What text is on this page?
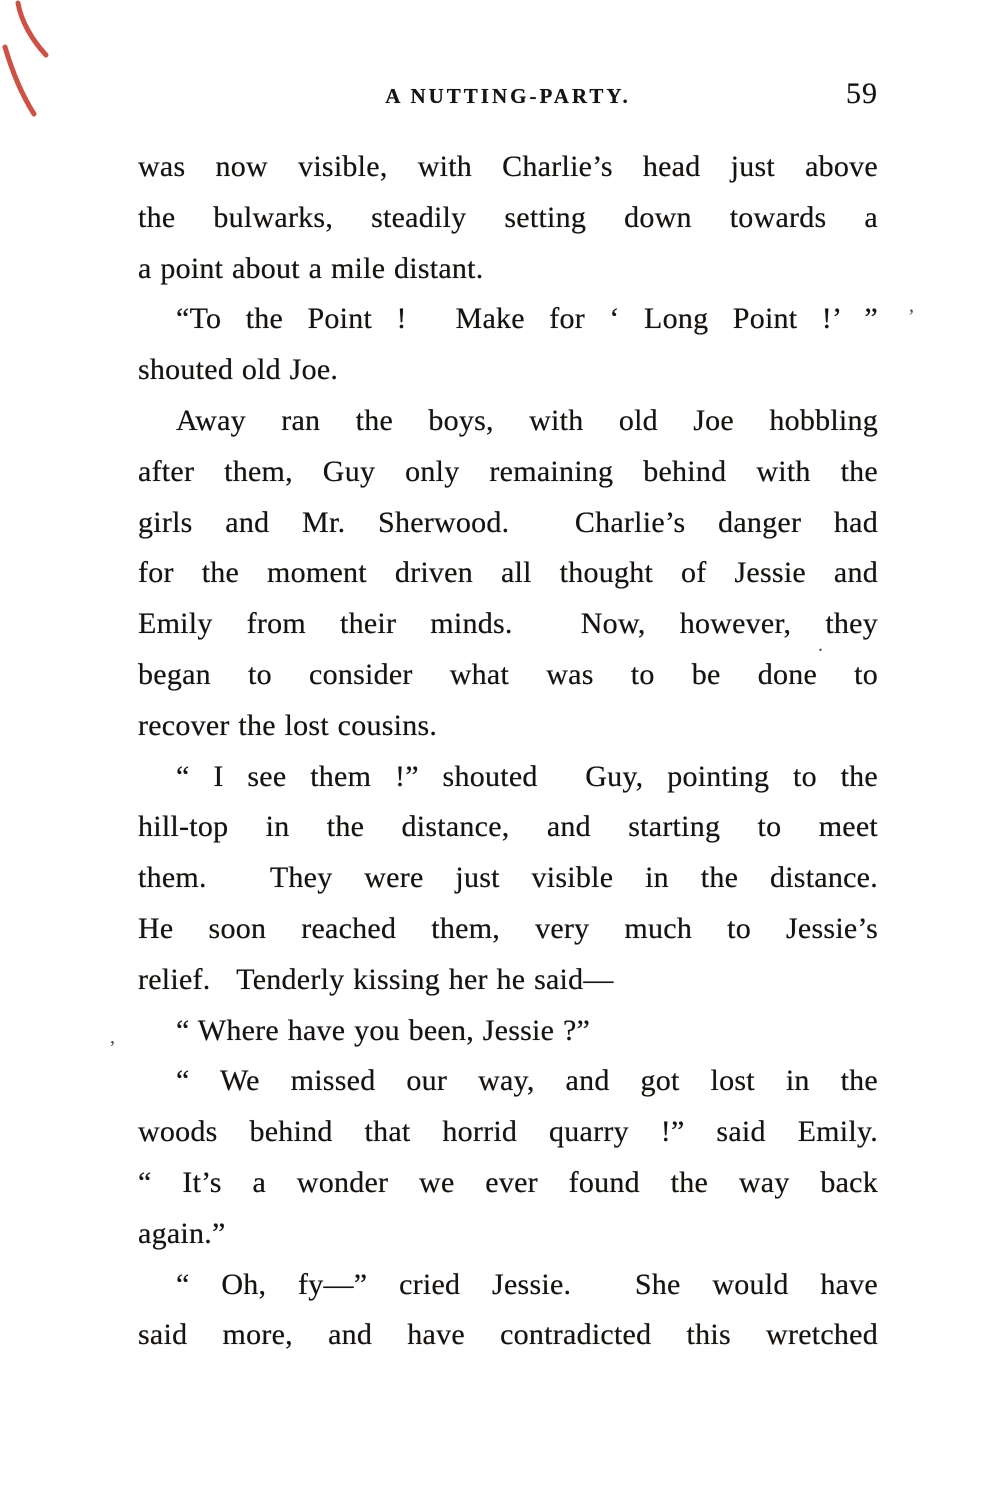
A NUTTING-PARTY.	59
was now visible, with Charlie’s head just above
the bulwarks, steadily setting down towards a
a point about a mile distant.
“To the Point !  Make for ‘ Long Point !’ ”
shouted old Joe.
Away ran the boys, with old Joe hobbling
after them, Guy only remaining behind with the
girls and Mr. Sherwood.  Charlie’s danger had
for the moment driven all thought of Jessie and
Emily from their minds.  Now, however, they
began to consider what was to be done to
recover the lost cousins.
“ I see them !” shouted  Guy, pointing to the
hill-top in the distance, and starting to meet
them.  They were just visible in the distance.
He soon reached them, very much to Jessie’s
relief.   Tenderly kissing her he said—
“ Where have you been, Jessie ?”
“ We missed our way, and got lost in the
woods behind that horrid quarry !” said Emily.
“ It’s a wonder we ever found the way back
again.”
“ Oh, fy—” cried Jessie.  She would have
said more, and have contradicted this wretched
ʼ
.
,
